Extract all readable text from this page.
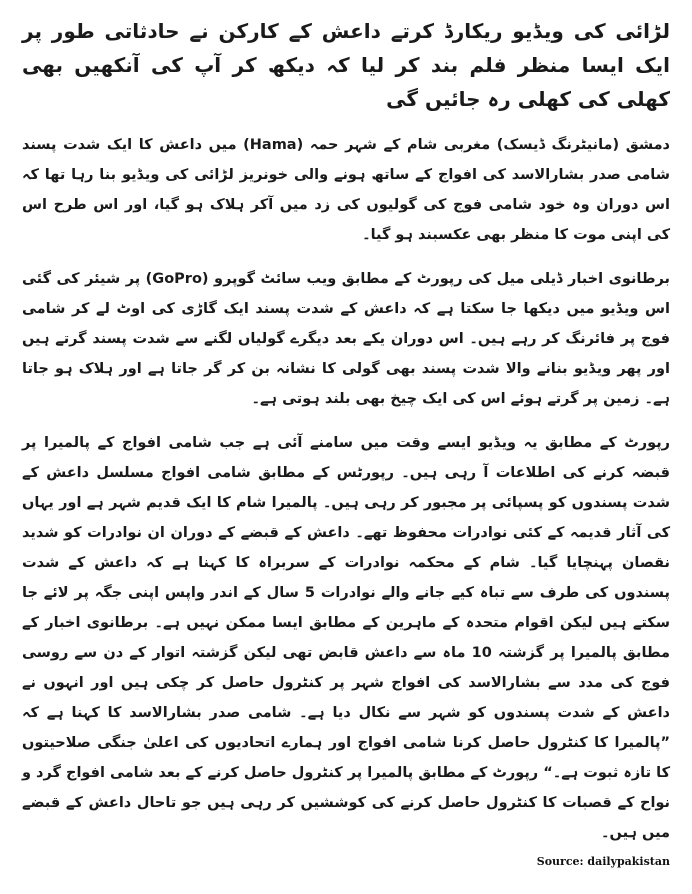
لڑائی کی ویڈیو ریکارڈ کرتے داعش کے کارکن نے حادثاتی طور پر ایک ایسا منظر فلم بند کر لیا کہ دیکھ کر آپ کی آنکھیں بھی کھلی کی کھلی رہ جائیں گی

دمشق (مانیٹرنگ ڈیسک) مغربی شام کے شہر حمہ (Hama) میں داعش کا ایک شدت پسند شامی صدر بشارالاسد کی افواج کے ساتھ ہونے والی خونریز لڑائی کی ویڈیو بنا رہا تھا کہ اس دوران وہ خود شامی فوج کی گولیوں کی زد میں آکر ہلاک ہو گیا، اور اس طرح اس کی اپنی موت کا منظر بھی عکسبند ہو گیا۔

برطانوی اخبار ڈیلی میل کی رپورٹ کے مطابق ویب سائٹ گوپرو (GoPro) پر شیئر کی گئی اس ویڈیو میں دیکھا جا سکتا ہے کہ داعش کے شدت پسند ایک گاڑی کی اوٹ لے کر شامی فوج پر فائرنگ کر رہے ہیں۔ اس دوران یکے بعد دیگرے گولیاں لگنے سے شدت پسند گرتے ہیں اور پھر ویڈیو بنانے والا شدت پسند بھی گولی کا نشانہ بن کر گر جاتا ہے اور ہلاک ہو جاتا ہے۔ زمین پر گرتے ہوئے اس کی ایک چیخ بھی بلند ہوتی ہے۔

رپورٹ کے مطابق یہ ویڈیو ایسے وقت میں سامنے آئی ہے جب شامی افواج کے پالمیرا پر قبضہ کرنے کی اطلاعات آ رہی ہیں۔ رپورٹس کے مطابق شامی افواج مسلسل داعش کے شدت پسندوں کو پسپائی پر مجبور کر رہی ہیں۔ پالمیرا شام کا ایک قدیم شہر ہے اور یہاں کی آثار قدیمہ کے کئی نوادرات محفوظ تھے۔ داعش کے قبضے کے دوران ان نوادرات کو شدید نقصان پہنچایا گیا۔ شام کے محکمہ نوادرات کے سربراہ کا کہنا ہے کہ داعش کے شدت پسندوں کی طرف سے تباہ کیے جانے والے نوادرات 5 سال کے اندر واپس اپنی جگہ پر لائے جا سکتے ہیں لیکن اقوام متحدہ کے ماہرین کے مطابق ایسا ممکن نہیں ہے۔ برطانوی اخبار کے مطابق پالمیرا پر گزشتہ 10 ماہ سے داعش قابض تھی لیکن گزشتہ اتوار کے دن سے روسی فوج کی مدد سے بشارالاسد کی افواج شہر پر کنٹرول حاصل کر چکی ہیں اور انہوں نے داعش کے شدت پسندوں کو شہر سے نکال دیا ہے۔ شامی صدر بشارالاسد کا کہنا ہے کہ ”پالمیرا کا کنٹرول حاصل کرنا شامی افواج اور ہمارے اتحادیوں کی اعلیٰ جنگی صلاحیتوں کا تازہ ثبوت ہے۔“ رپورٹ کے مطابق پالمیرا پر کنٹرول حاصل کرنے کے بعد شامی افواج گرد و نواح کے قصبات کا کنٹرول حاصل کرنے کی کوششیں کر رہی ہیں جو تاحال داعش کے قبضے میں ہیں۔

Source: dailypakistan
